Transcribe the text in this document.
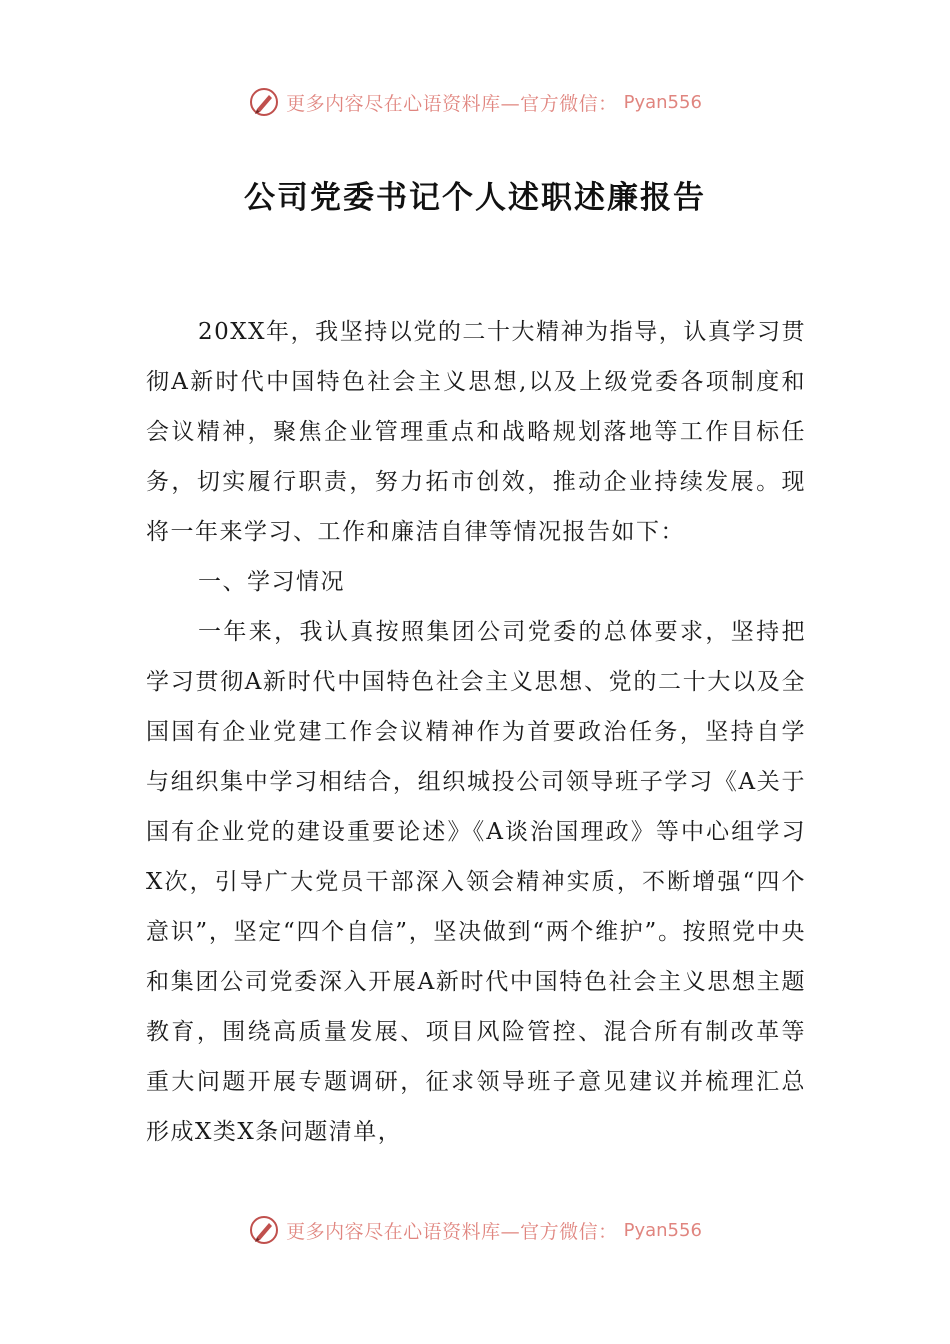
更多内容尽在心语资料库—官方微信： Pyan556
公司党委书记个人述职述廉报告

20XX年，我坚持以党的二十大精神为指导，认真学习贯彻A新时代中国特色社会主义思想,以及上级党委各项制度和会议精神，聚焦企业管理重点和战略规划落地等工作目标任务，切实履行职责，努力拓市创效，推动企业持续发展。现将一年来学习、工作和廉洁自律等情况报告如下：

一、学习情况

一年来，我认真按照集团公司党委的总体要求，坚持把学习贯彻A新时代中国特色社会主义思想、党的二十大以及全国国有企业党建工作会议精神作为首要政治任务，坚持自学与组织集中学习相结合，组织城投公司领导班子学习《A关于国有企业党的建设重要论述》《A谈治国理政》等中心组学习X次，引导广大党员干部深入领会精神实质，不断增强“四个意识”，坚定“四个自信”，坚决做到“两个维护”。按照党中央和集团公司党委深入开展A新时代中国特色社会主义思想主题教育，围绕高质量发展、项目风险管控、混合所有制改革等重大问题开展专题调研，征求领导班子意见建议并梳理汇总形成X类X条问题清单，

更多内容尽在心语资料库—官方微信： Pyan556
